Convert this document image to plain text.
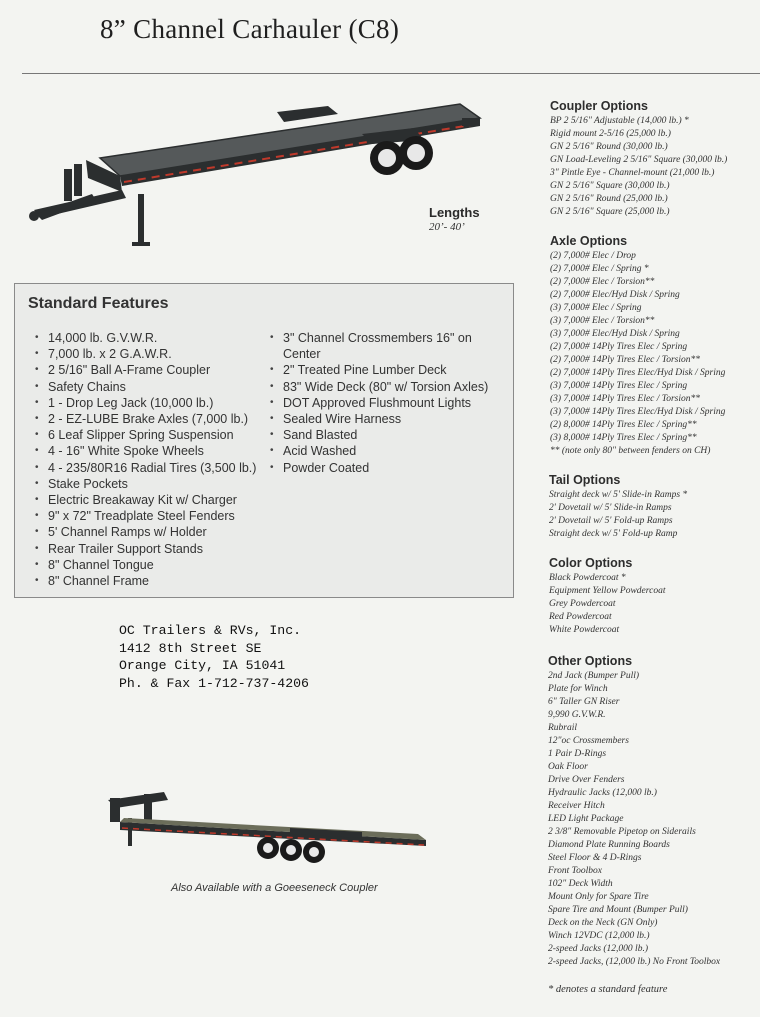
8” Channel Carhauler (C8)
Lengths
20’- 40’
Standard Features
• 14,000 lb. G.V.W.R.
• 7,000 lb. x 2 G.A.W.R.
• 2 5/16" Ball A-Frame Coupler
• Safety Chains
• 1 - Drop Leg Jack (10,000 lb.)
• 2 - EZ-LUBE Brake Axles (7,000 lb.)
• 6 Leaf Slipper Spring Suspension
• 4 - 16" White Spoke Wheels
• 4 - 235/80R16 Radial Tires (3,500 lb.)
• Stake Pockets
• Electric Breakaway Kit w/ Charger
• 9" x 72" Treadplate Steel Fenders
• 5' Channel Ramps w/ Holder
• Rear Trailer Support Stands
• 8" Channel Tongue
• 8" Channel Frame
• 3" Channel Crossmembers 16" on Center
• 2" Treated Pine Lumber Deck
• 83" Wide Deck (80" w/ Torsion Axles)
• DOT Approved Flushmount Lights
• Sealed Wire Harness
• Sand Blasted
• Acid Washed
• Powder Coated
OC Trailers & RVs, Inc.
1412 8th Street SE
Orange City, IA 51041
Ph. & Fax 1-712-737-4206
Also Available with a Goeeseneck Coupler
Coupler Options
BP 2 5/16" Adjustable (14,000 lb.) *
Rigid mount 2-5/16 (25,000 lb.)
GN 2 5/16" Round (30,000 lb.)
GN Load-Leveling 2 5/16" Square (30,000 lb.)
3" Pintle Eye - Channel-mount (21,000 lb.)
GN 2 5/16" Square (30,000 lb.)
GN 2 5/16" Round (25,000 lb.)
GN 2 5/16" Square (25,000 lb.)
Axle Options
(2) 7,000# Elec / Drop
(2) 7,000# Elec / Spring *
(2) 7,000# Elec / Torsion**
(2) 7,000# Elec/Hyd Disk / Spring
(3) 7,000# Elec / Spring
(3) 7,000# Elec / Torsion**
(3) 7,000# Elec/Hyd Disk / Spring
(2) 7,000# 14Ply Tires Elec / Spring
(2) 7,000# 14Ply Tires Elec / Torsion**
(2) 7,000# 14Ply Tires Elec/Hyd Disk / Spring
(3) 7,000# 14Ply Tires Elec / Spring
(3) 7,000# 14Ply Tires Elec / Torsion**
(3) 7,000# 14Ply Tires Elec/Hyd Disk / Spring
(2) 8,000# 14Ply Tires Elec / Spring**
(3) 8,000# 14Ply Tires Elec / Spring**
** (note only 80" between fenders on CH)
Tail Options
Straight deck w/ 5' Slide-in Ramps *
2' Dovetail w/ 5' Slide-in Ramps
2' Dovetail w/ 5' Fold-up Ramps
Straight deck w/ 5' Fold-up Ramp
Color Options
Black Powdercoat *
Equipment Yellow Powdercoat
Grey Powdercoat
Red Powdercoat
White Powdercoat
Other Options
2nd Jack (Bumper Pull)
Plate for Winch
6" Taller GN Riser
9,990 G.V.W.R.
Rubrail
12"oc Crossmembers
1 Pair D-Rings
Oak Floor
Drive Over Fenders
Hydraulic Jacks (12,000 lb.)
Receiver Hitch
LED Light Package
2 3/8" Removable Pipetop on Siderails
Diamond Plate Running Boards
Steel Floor & 4 D-Rings
Front Toolbox
102" Deck Width
Mount Only for Spare Tire
Spare Tire and Mount (Bumper Pull)
Deck on the Neck (GN Only)
Winch 12VDC (12,000 lb.)
2-speed Jacks (12,000 lb.)
2-speed Jacks, (12,000 lb.) No Front Toolbox
* denotes a standard feature
